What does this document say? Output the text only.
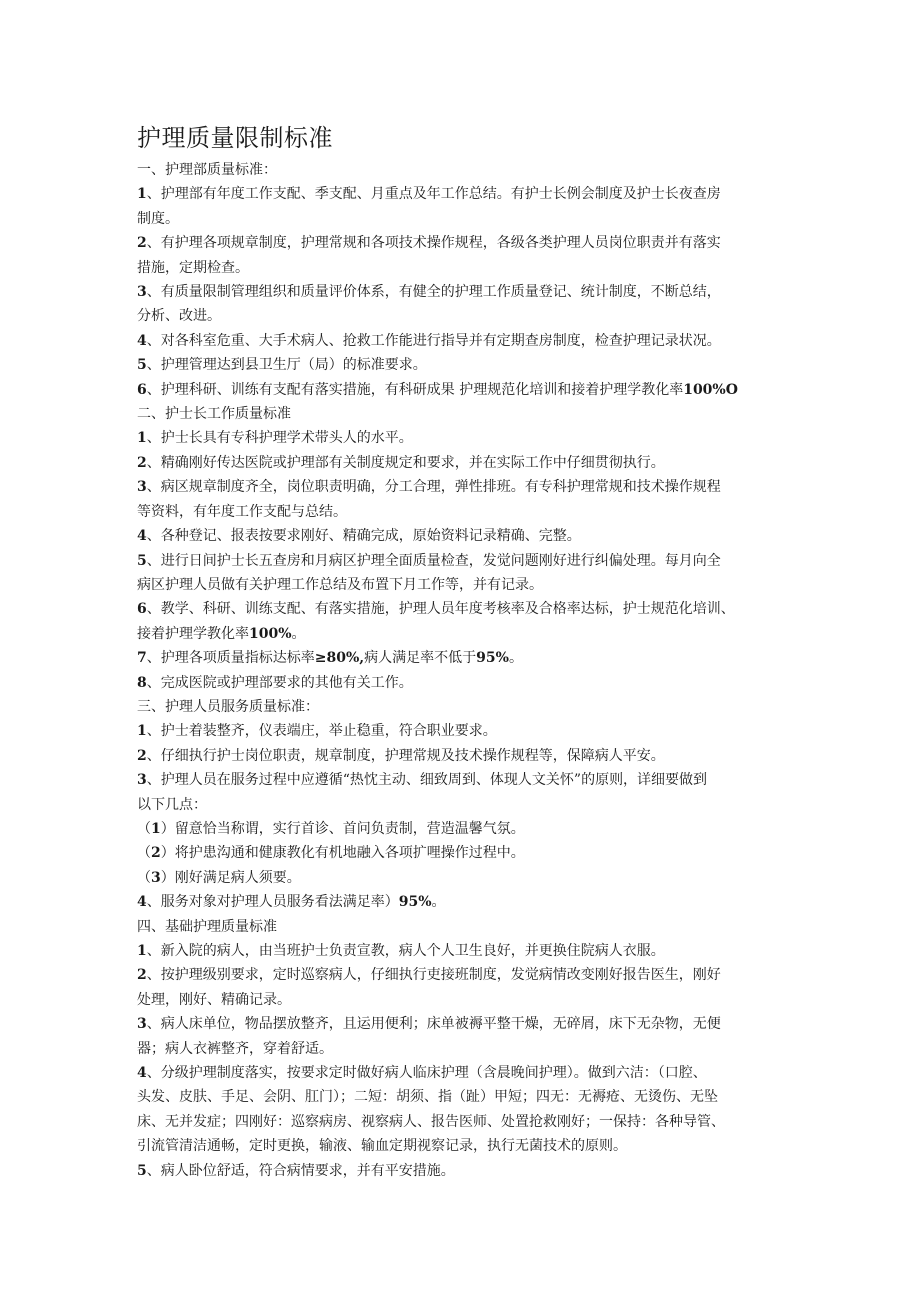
护理质量限制标准
一、护理部质量标准：
1、护理部有年度工作支配、季支配、月重点及年工作总结。有护士长例会制度及护士长夜查房
制度。
2、有护理各项规章制度，护理常规和各项技术操作规程，各级各类护理人员岗位职责并有落实
措施，定期检查。
3、有质量限制管理组织和质量评价体系，有健全的护理工作质量登记、统计制度，不断总结，
分析、改进。
4、对各科室危重、大手术病人、抢救工作能进行指导并有定期查房制度，检查护理记录状况。
5、护理管理达到县卫生厅（局）的标准要求。
6、护理科研、训练有支配有落实措施，有科研成果 护理规范化培训和接着护理学教化率100%O
二、护士长工作质量标准
1、护士长具有专科护理学术带头人的水平。
2、精确刚好传达医院或护理部有关制度规定和要求，并在实际工作中仔细贯彻执行。
3、病区规章制度齐全，岗位职责明确，分工合理，弹性排班。有专科护理常规和技术操作规程
等资料，有年度工作支配与总结。
4、各种登记、报表按要求刚好、精确完成，原始资料记录精确、完整。
5、进行日间护士长五查房和月病区护理全面质量检查，发觉问题刚好进行纠偏处理。每月向全
病区护理人员做有关护理工作总结及布置下月工作等，并有记录。
6、教学、科研、训练支配、有落实措施，护理人员年度考核率及合格率达标，护士规范化培训、
接着护理学教化率100%。
7、护理各项质量指标达标率≥80%,病人满足率不低于95%。
8、完成医院或护理部要求的其他有关工作。
三、护理人员服务质量标准：
1、护士着装整齐，仪表端庄，举止稳重，符合职业要求。
2、仔细执行护士岗位职责，规章制度，护理常规及技术操作规程等，保障病人平安。
3、护理人员在服务过程中应遵循“热忱主动、细致周到、体现人文关怀”的原则，详细要做到
以下几点：
（1）留意恰当称谓，实行首诊、首问负责制，营造温馨气氛。
（2）将护患沟通和健康教化有机地融入各项扩哩操作过程中。
（3）刚好满足病人须要。
4、服务对象对护理人员服务看法满足率）95%。
四、基础护理质量标准
1、新入院的病人，由当班护士负责宣教，病人个人卫生良好，并更换住院病人衣服。
2、按护理级别要求，定时巡察病人，仔细执行吏接班制度，发觉病情改变刚好报告医生，刚好
处理，刚好、精确记录。
3、病人床单位，物品摆放整齐，且运用便利；床单被褥平整干燥，无碎屑，床下无杂物，无便
器；病人衣裤整齐，穿着舒适。
4、分级护理制度落实，按要求定时做好病人临床护理（含晨晚间护理）。做到六洁：（口腔、
头发、皮肤、手足、会阴、肛门）；二短：胡须、指（趾）甲短；四无：无褥疮、无烫伤、无坠
床、无并发症；四刚好：巡察病房、视察病人、报告医师、处置抢救刚好；一保持：各种导管、
引流管清洁通畅，定时更换，输液、输血定期视察记录，执行无菌技术的原则。
5、病人卧位舒适，符合病情要求，并有平安措施。
